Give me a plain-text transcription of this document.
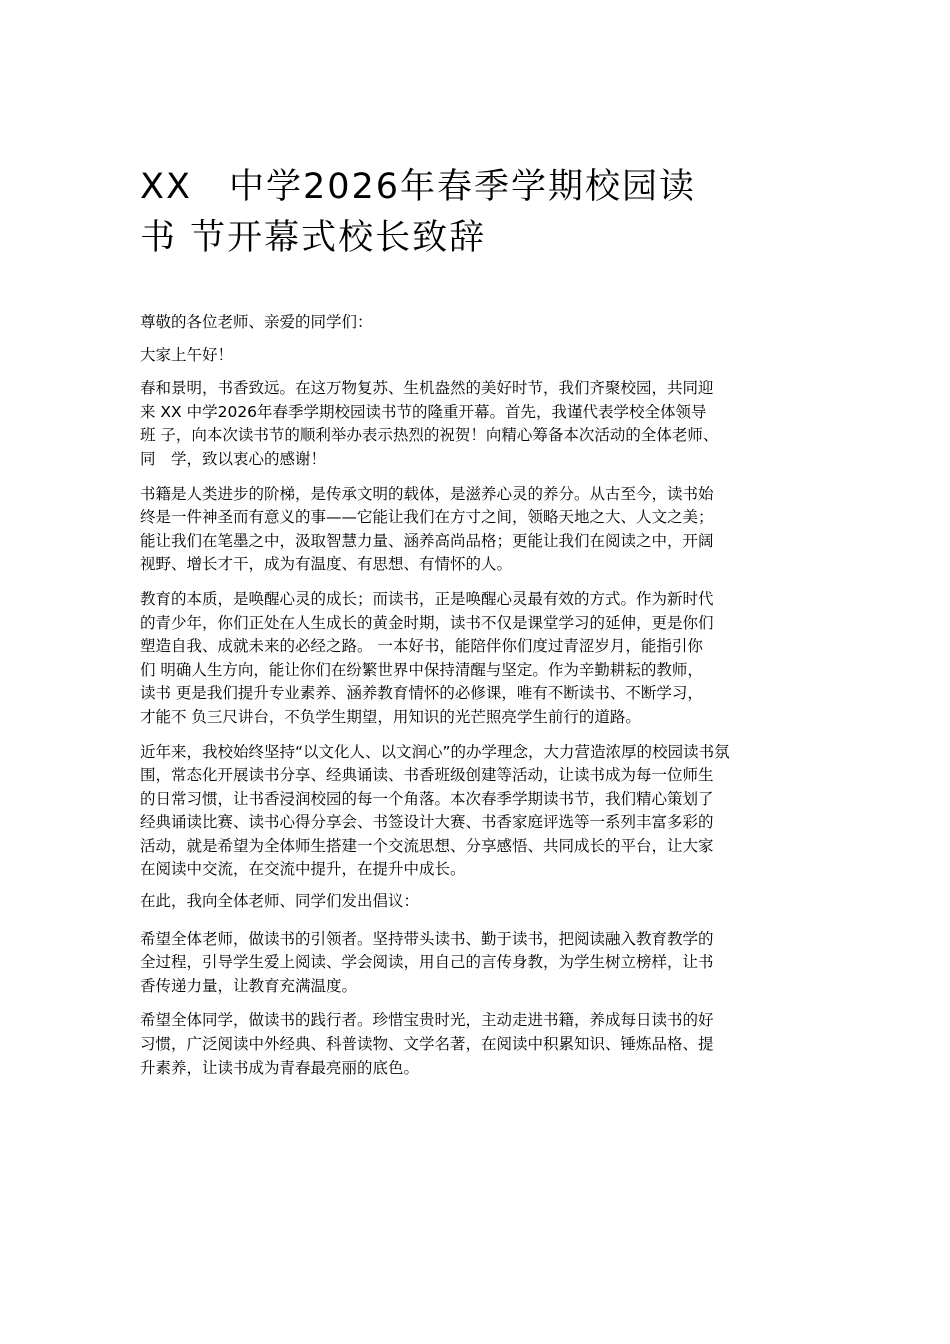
XX　中学2026年春季学期校园读
书 节开幕式校长致辞

尊敬的各位老师、亲爱的同学们：

大家上午好！

春和景明，书香致远。在这万物复苏、生机盎然的美好时节，我们齐聚校园，共同迎
来 XX 中学2026年春季学期校园读书节的隆重开幕。首先，我谨代表学校全体领导
班 子，向本次读书节的顺利举办表示热烈的祝贺！向精心筹备本次活动的全体老师、
同　学，致以衷心的感谢！

书籍是人类进步的阶梯，是传承文明的载体，是滋养心灵的养分。从古至今，读书始
终是一件神圣而有意义的事——它能让我们在方寸之间，领略天地之大、人文之美；
能让我们在笔墨之中，汲取智慧力量、涵养高尚品格；更能让我们在阅读之中，开阔
视野、增长才干，成为有温度、有思想、有情怀的人。

教育的本质，是唤醒心灵的成长；而读书，正是唤醒心灵最有效的方式。作为新时代
的青少年，你们正处在人生成长的黄金时期，读书不仅是课堂学习的延伸，更是你们
塑造自我、成就未来的必经之路。 一本好书，能陪伴你们度过青涩岁月，能指引你
们 明确人生方向，能让你们在纷繁世界中保持清醒与坚定。作为辛勤耕耘的教师，
读书 更是我们提升专业素养、涵养教育情怀的必修课，唯有不断读书、不断学习，
才能不 负三尺讲台，不负学生期望，用知识的光芒照亮学生前行的道路。

近年来，我校始终坚持“以文化人、以文润心”的办学理念，大力营造浓厚的校园读书氛
围，常态化开展读书分享、经典诵读、书香班级创建等活动，让读书成为每一位师生
的日常习惯，让书香浸润校园的每一个角落。本次春季学期读书节，我们精心策划了
经典诵读比赛、读书心得分享会、书签设计大赛、书香家庭评选等一系列丰富多彩的
活动，就是希望为全体师生搭建一个交流思想、分享感悟、共同成长的平台，让大家
在阅读中交流，在交流中提升，在提升中成长。

在此，我向全体老师、同学们发出倡议：

希望全体老师，做读书的引领者。坚持带头读书、勤于读书，把阅读融入教育教学的
全过程，引导学生爱上阅读、学会阅读，用自己的言传身教，为学生树立榜样，让书
香传递力量，让教育充满温度。

希望全体同学，做读书的践行者。珍惜宝贵时光，主动走进书籍，养成每日读书的好
习惯，广泛阅读中外经典、科普读物、文学名著，在阅读中积累知识、锤炼品格、提
升素养，让读书成为青春最亮丽的底色。
